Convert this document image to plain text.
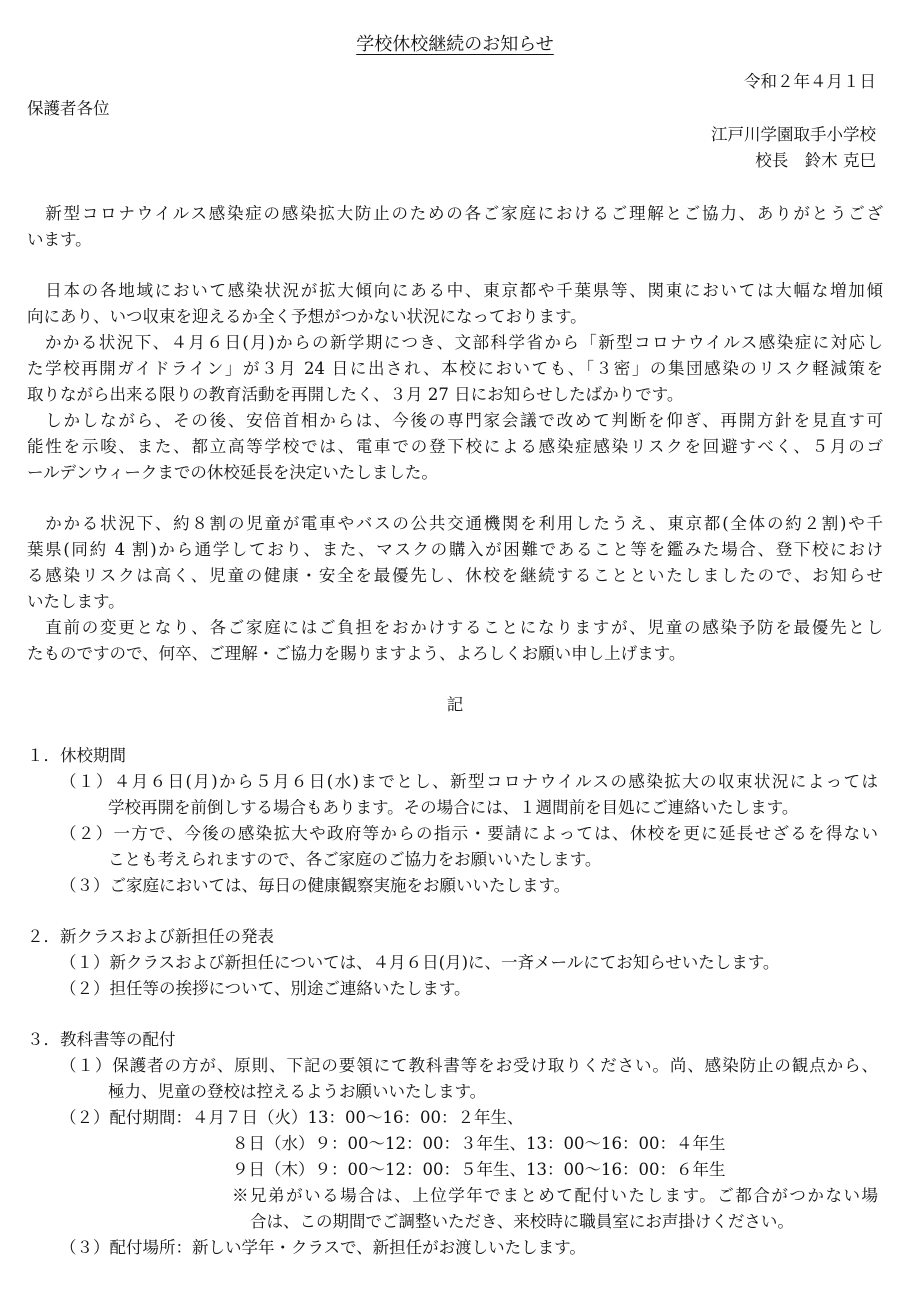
学校休校継続のお知らせ
令和２年４月１日
保護者各位
江戸川学園取手小学校
校長　鈴木 克巳
　新型コロナウイルス感染症の感染拡大防止のための各ご家庭におけるご理解とご協力、ありがとうござ
います。
　日本の各地域において感染状況が拡大傾向にある中、東京都や千葉県等、関東においては大幅な増加傾
向にあり、いつ収束を迎えるか全く予想がつかない状況になっております。
　かかる状況下、４月６日(月)からの新学期につき、文部科学省から「新型コロナウイルス感染症に対応し
た学校再開ガイドライン」が３月 24 日に出され、本校においても、「３密」の集団感染のリスク軽減策を
取りながら出来る限りの教育活動を再開したく、３月 27 日にお知らせしたばかりです。
　しかしながら、その後、安倍首相からは、今後の専門家会議で改めて判断を仰ぎ、再開方針を見直す可
能性を示唆、また、都立高等学校では、電車での登下校による感染症感染リスクを回避すべく、５月のゴ
ールデンウィークまでの休校延長を決定いたしました。
　かかる状況下、約８割の児童が電車やバスの公共交通機関を利用したうえ、東京都(全体の約２割)や千
葉県(同約 4 割)から通学しており、また、マスクの購入が困難であること等を鑑みた場合、登下校におけ
る感染リスクは高く、児童の健康・安全を最優先し、休校を継続することといたしましたので、お知らせ
いたします。
　直前の変更となり、各ご家庭にはご負担をおかけすることになりますが、児童の感染予防を最優先とし
たものですので、何卒、ご理解・ご協力を賜りますよう、よろしくお願い申し上げます。
記
１．休校期間
（１）４月６日(月)から５月６日(水)までとし、新型コロナウイルスの感染拡大の収束状況によっては
学校再開を前倒しする場合もあります。その場合には、１週間前を目処にご連絡いたします。
（２）一方で、今後の感染拡大や政府等からの指示・要請によっては、休校を更に延長せざるを得ない
ことも考えられますので、各ご家庭のご協力をお願いいたします。
（３）ご家庭においては、毎日の健康観察実施をお願いいたします。
２．新クラスおよび新担任の発表
（１）新クラスおよび新担任については、４月６日(月)に、一斉メールにてお知らせいたします。
（２）担任等の挨拶について、別途ご連絡いたします。
３．教科書等の配付
（１）保護者の方が、原則、下記の要領にて教科書等をお受け取りください。尚、感染防止の観点から、
極力、児童の登校は控えるようお願いいたします。
（２）配付期間：４月７日（火）13：00～16：00：２年生、
８日（水）９：00～12：00：３年生、13：00～16：00：４年生
９日（木）９：00～12：00：５年生、13：00～16：00：６年生
※兄弟がいる場合は、上位学年でまとめて配付いたします。ご都合がつかない場
合は、この期間でご調整いただき、来校時に職員室にお声掛けください。
（３）配付場所：新しい学年・クラスで、新担任がお渡しいたします。
